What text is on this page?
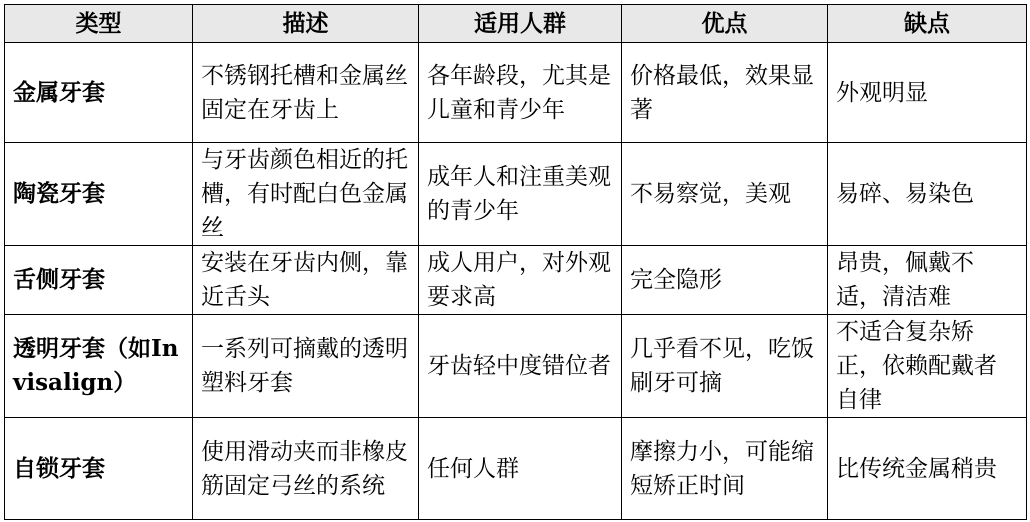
类型	描述	适用人群	优点	缺点
金属牙套	不锈钢托槽和金属丝固定在牙齿上	各年龄段，尤其是儿童和青少年	价格最低，效果显著	外观明显
陶瓷牙套	与牙齿颜色相近的托槽，有时配白色金属丝	成年人和注重美观的青少年	不易察觉，美观	易碎、易染色
舌侧牙套	安装在牙齿内侧，靠近舌头	成人用户，对外观要求高	完全隐形	昂贵，佩戴不适，清洁难
透明牙套（如Invisalign）	一系列可摘戴的透明塑料牙套	牙齿轻中度错位者	几乎看不见，吃饭刷牙可摘	不适合复杂矫正，依赖配戴者自律
自锁牙套	使用滑动夹而非橡皮筋固定弓丝的系统	任何人群	摩擦力小，可能缩短矫正时间	比传统金属稍贵
